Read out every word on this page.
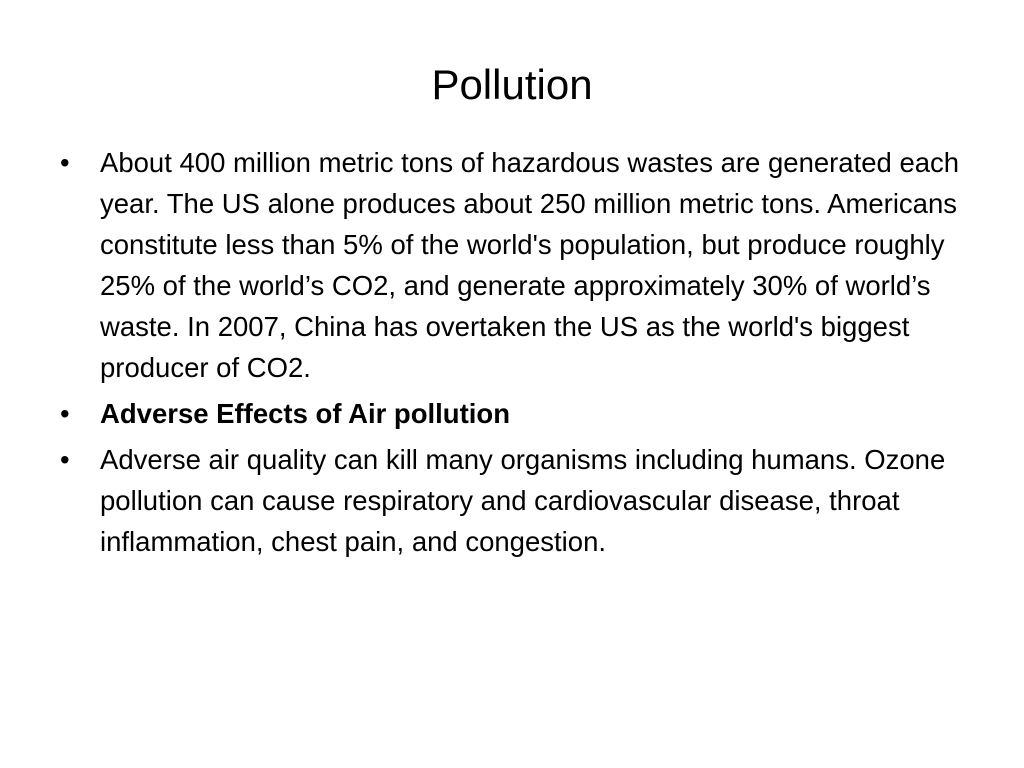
Pollution
•	About 400 million metric tons of hazardous wastes are generated each year. The US alone produces about 250 million metric tons. Americans constitute less than 5% of the world's population, but produce roughly 25% of the world’s CO2, and generate approximately 30% of world’s waste. In 2007, China has overtaken the US as the world's biggest producer of CO2.
•	Adverse Effects of Air pollution
•	Adverse air quality can kill many organisms including humans. Ozone pollution can cause respiratory and cardiovascular disease, throat inflammation, chest pain, and congestion.
